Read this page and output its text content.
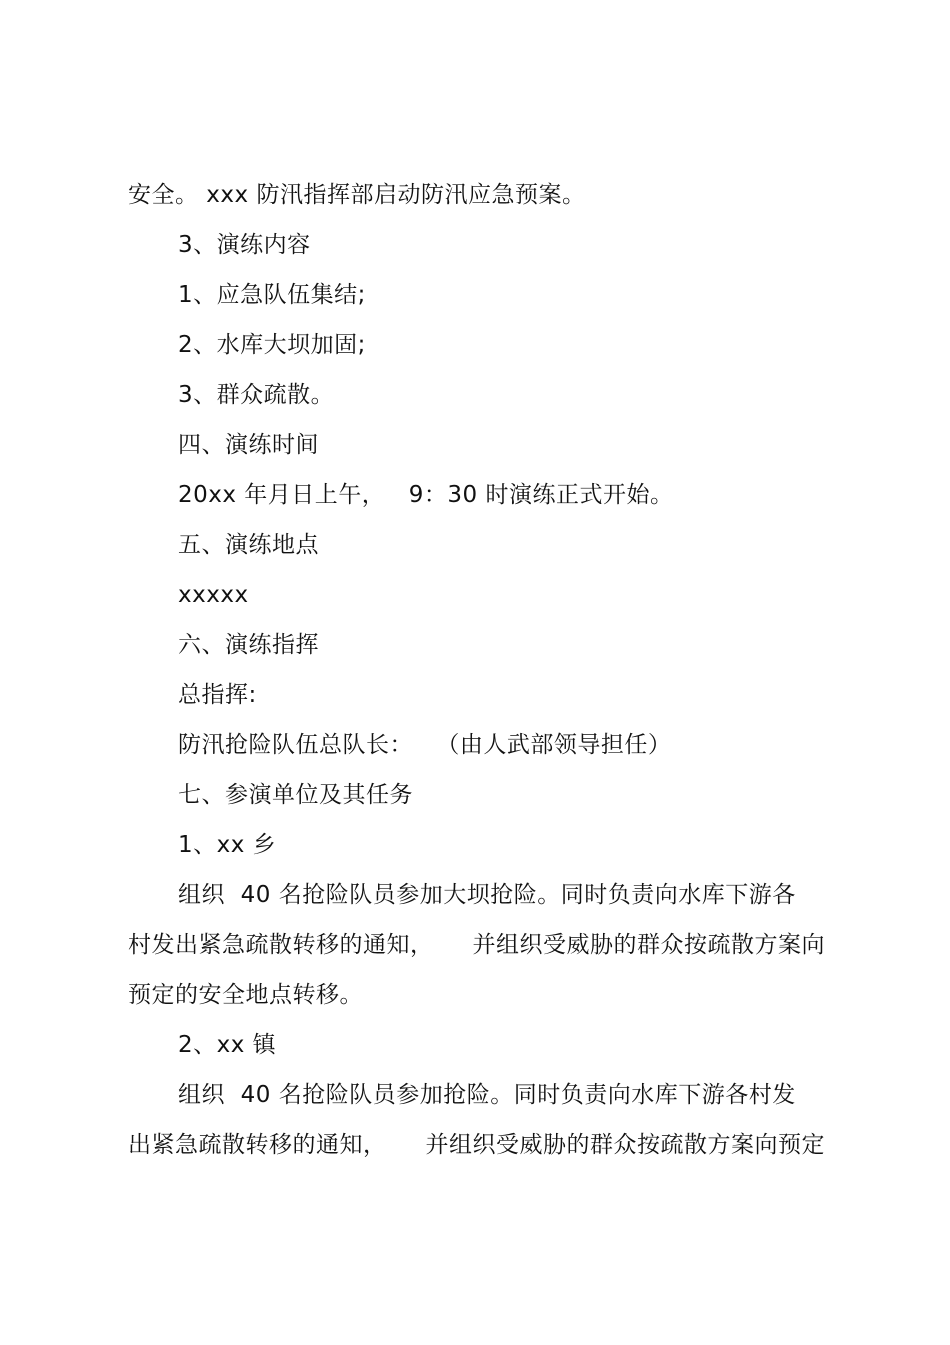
安全。 xxx 防汛指挥部启动防汛应急预案。
3、演练内容
1、应急队伍集结;
2、水库大坝加固;
3、群众疏散。
四、演练时间
20xx 年月日上午，   9：30 时演练正式开始。
五、演练地点
xxxxx
六、演练指挥
总指挥:
防汛抢险队伍总队长：   （由人武部领导担任）
七、参演单位及其任务
1、xx 乡
组织  40 名抢险队员参加大坝抢险。同时负责向水库下游各
村发出紧急疏散转移的通知，     并组织受威胁的群众按疏散方案向
预定的安全地点转移。
2、xx 镇
组织  40 名抢险队员参加抢险。同时负责向水库下游各村发
出紧急疏散转移的通知，     并组织受威胁的群众按疏散方案向预定
